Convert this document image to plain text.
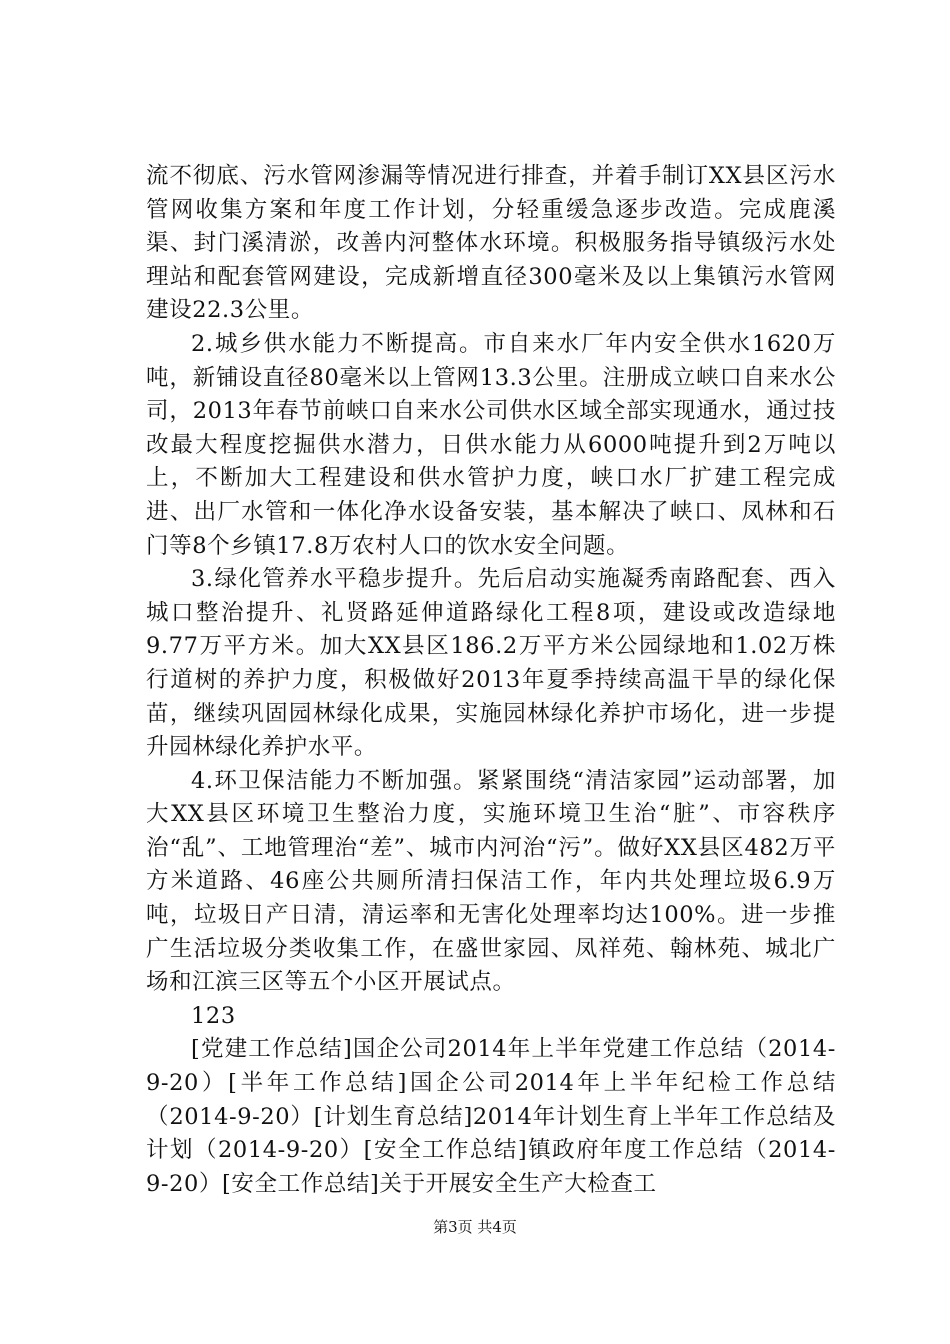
流不彻底、污水管网渗漏等情况进行排查，并着手制订XX县区污水管网收集方案和年度工作计划，分轻重缓急逐步改造。完成鹿溪渠、封门溪清淤，改善内河整体水环境。积极服务指导镇级污水处理站和配套管网建设，完成新增直径300毫米及以上集镇污水管网建设22.3公里。

2.城乡供水能力不断提高。市自来水厂年内安全供水1620万吨，新铺设直径80毫米以上管网13.3公里。注册成立峡口自来水公司，2013年春节前峡口自来水公司供水区域全部实现通水，通过技改最大程度挖掘供水潜力，日供水能力从6000吨提升到2万吨以上，不断加大工程建设和供水管护力度，峡口水厂扩建工程完成进、出厂水管和一体化净水设备安装，基本解决了峡口、凤林和石门等8个乡镇17.8万农村人口的饮水安全问题。

3.绿化管养水平稳步提升。先后启动实施凝秀南路配套、西入城口整治提升、礼贤路延伸道路绿化工程8项，建设或改造绿地9.77万平方米。加大XX县区186.2万平方米公园绿地和1.02万株行道树的养护力度，积极做好2013年夏季持续高温干旱的绿化保苗，继续巩固园林绿化成果，实施园林绿化养护市场化，进一步提升园林绿化养护水平。

4.环卫保洁能力不断加强。紧紧围绕“清洁家园”运动部署，加大XX县区环境卫生整治力度，实施环境卫生治“脏”、市容秩序治“乱”、工地管理治“差”、城市内河治“污”。做好XX县区482万平方米道路、46座公共厕所清扫保洁工作，年内共处理垃圾6.9万吨，垃圾日产日清，清运率和无害化处理率均达100%。进一步推广生活垃圾分类收集工作，在盛世家园、凤祥苑、翰林苑、城北广场和江滨三区等五个小区开展试点。

123

[党建工作总结]国企公司2014年上半年党建工作总结（2014-9-20）[半年工作总结]国企公司2014年上半年纪检工作总结（2014-9-20）[计划生育总结]2014年计划生育上半年工作总结及计划（2014-9-20）[安全工作总结]镇政府年度工作总结（2014-9-20）[安全工作总结]关于开展安全生产大检查工

第3页 共4页
